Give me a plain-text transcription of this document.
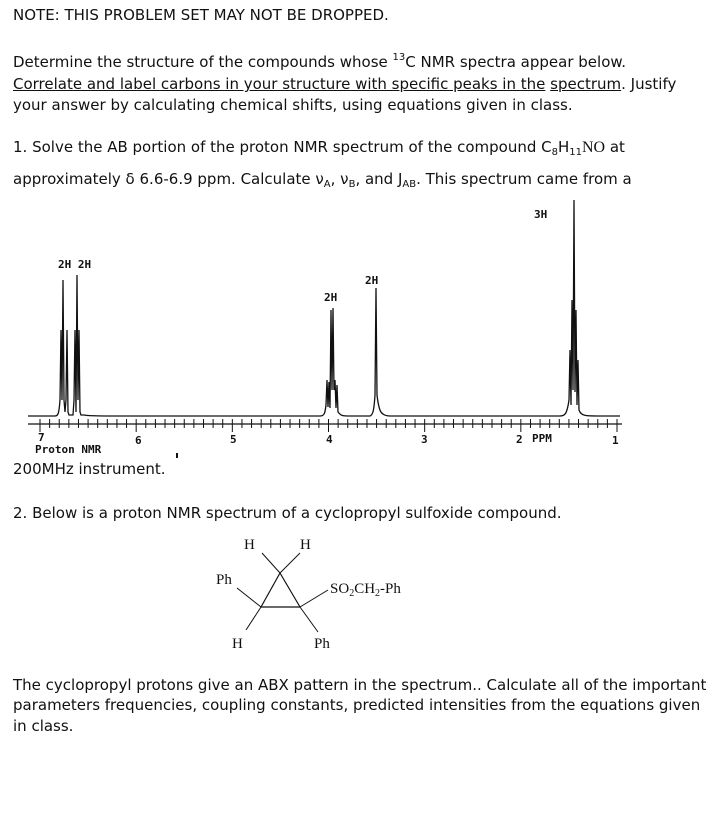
NOTE: THIS PROBLEM SET MAY NOT BE DROPPED.
Determine the structure of the compounds whose $^{13}$C NMR spectra appear below.
Correlate and label carbons in your structure with specific peaks in the spectrum. Justify
your answer by calculating chemical shifts, using equations given in class.
1. Solve the AB portion of the proton NMR spectrum of the compound $C_8H_{11}NO$ at
approximately δ 6.6-6.9 ppm. Calculate $\nu_A$, $\nu_B$, and $J_{AB}$. This spectrum came from a
2H 2H
2H
2H
3H
Proton NMR
PPM
7	6	5	4	3	2	1
200MHz instrument.
2. Below is a proton NMR spectrum of a cyclopropyl sulfoxide compound.
H	H
Ph
$SO_2CH_2-Ph$
H	Ph
The cyclopropyl protons give an ABX pattern in the spectrum.. Calculate all of the important
parameters frequencies, coupling constants, predicted intensities from the equations given
in class.
